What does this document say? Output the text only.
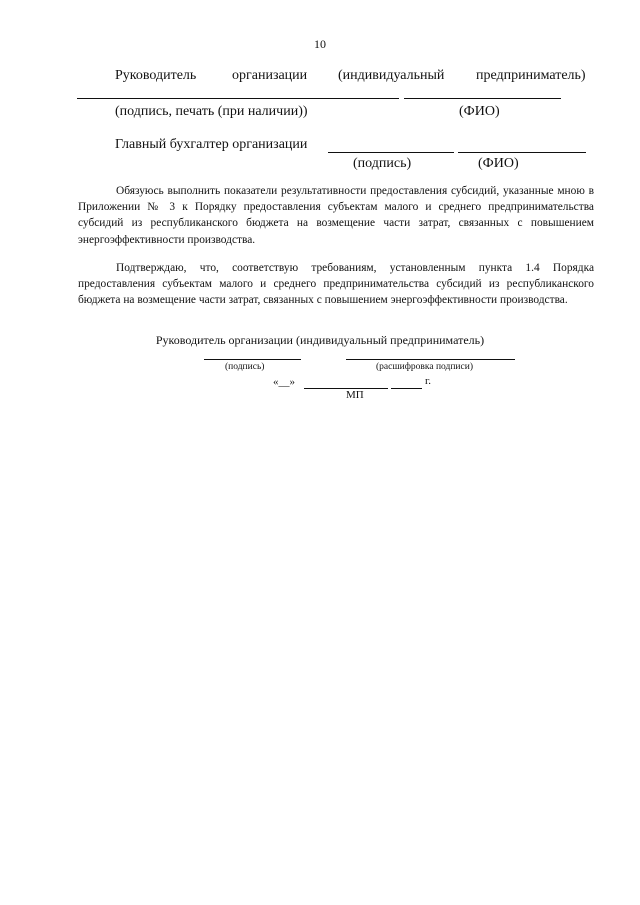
10
Руководитель	организации (индивидуальный предприниматель)
(подпись, печать (при наличии))	(ФИО)
Главный бухгалтер организации
(подпись)	(ФИО)

Обязуюсь выполнить показатели результативности предоставления субсидий, указанные мною в Приложении № 3 к Порядку предоставления субъектам малого и среднего предпринимательства субсидий из республиканского бюджета на возмещение части затрат, связанных с повышением энергоэффективности производства.

Подтверждаю, что, соответствую требованиям, установленным пункта 1.4 Порядка предоставления субъектам малого и среднего предпринимательства субсидий из республиканского бюджета на возмещение части затрат, связанных с повышением энергоэффективности производства.

Руководитель организации (индивидуальный предприниматель)
(подпись)	(расшифровка подписи)
«__»	г.
МП
